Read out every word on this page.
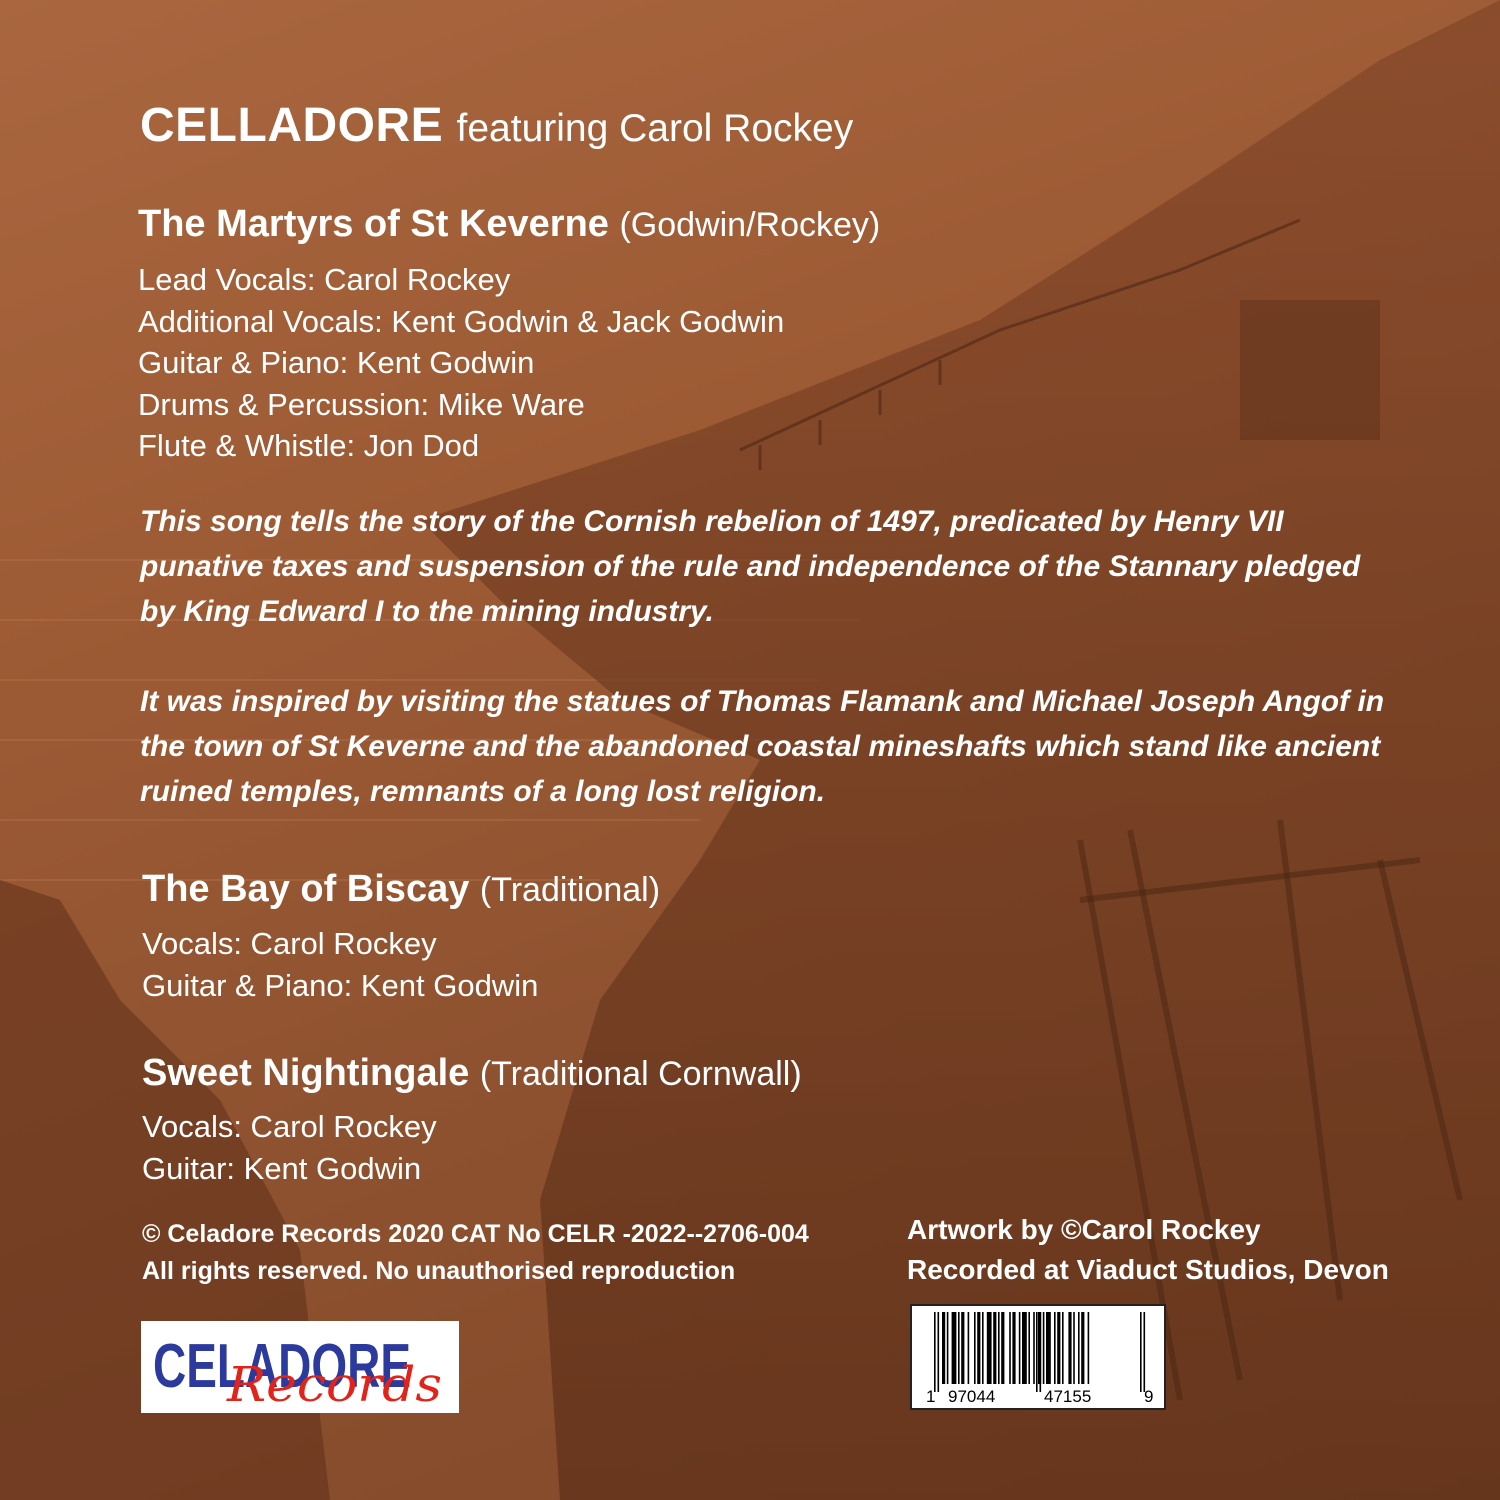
CELLADORE featuring Carol Rockey
The Martyrs of St Keverne (Godwin/Rockey)
Lead Vocals: Carol Rockey
Additional Vocals: Kent Godwin & Jack Godwin
Guitar & Piano: Kent Godwin
Drums & Percussion: Mike Ware
Flute & Whistle: Jon Dod
This song tells the story of the Cornish rebelion of 1497, predicated by Henry VII punative taxes and suspension of the rule and independence of the Stannary pledged by King Edward I to the mining industry.
It was inspired by visiting the statues of Thomas Flamank and Michael Joseph Angof in the town of St Keverne and the abandoned coastal mineshafts which stand like ancient ruined temples, remnants of a long lost religion.
The Bay of Biscay (Traditional)
Vocals: Carol Rockey
Guitar & Piano: Kent Godwin
Sweet Nightingale (Traditional Cornwall)
Vocals: Carol Rockey
Guitar: Kent Godwin
© Celadore Records 2020 CAT No CELR -2022--2706-004
All rights reserved. No unauthorised reproduction
Artwork by ©Carol Rockey
Recorded at Viaduct Studios, Devon
CELADORE
Records	1 97044	47155	9
